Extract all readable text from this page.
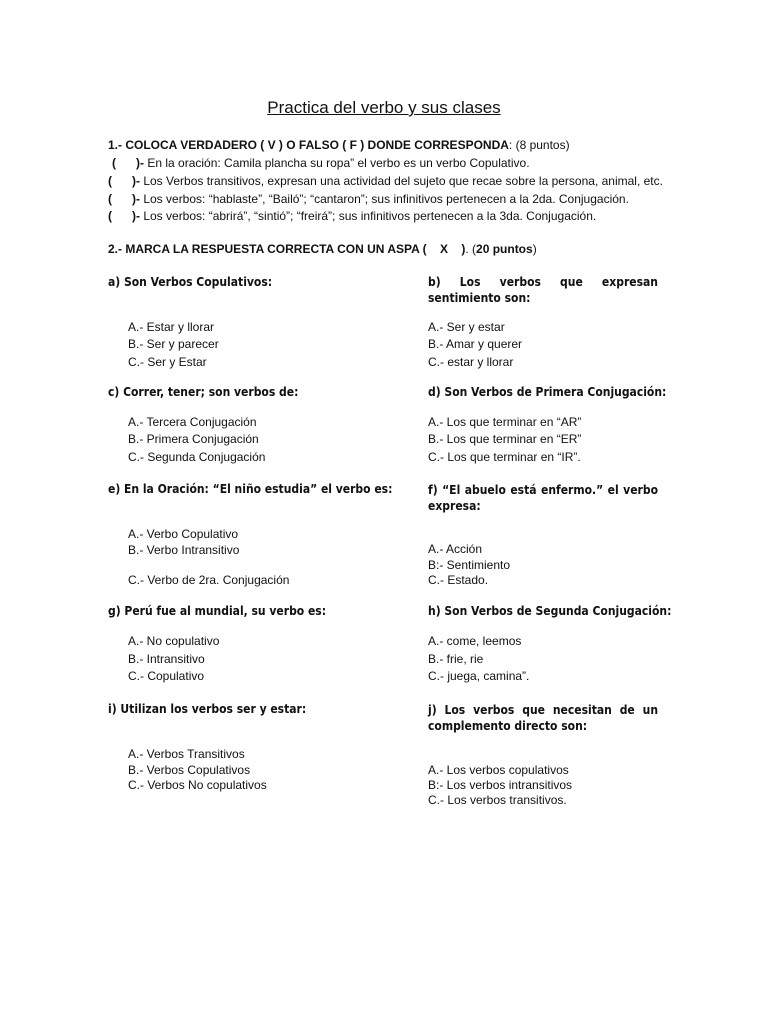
Practica del verbo y sus clases
1.- COLOCA VERDADERO ( V ) O FALSO ( F ) DONDE CORRESPONDA: (8 puntos)
(      )- En la oración: Camila plancha su ropa” el verbo es un verbo Copulativo.
(      )- Los Verbos transitivos, expresan una actividad del sujeto que recae sobre la persona, animal, etc.
(      )- Los verbos: “hablaste”, “Bailó”; “cantaron”; sus infinitivos pertenecen a la 2da. Conjugación.
(      )- Los verbos: “abrirá”, “sintió”; “freirá”; sus infinitivos pertenecen a la 3da. Conjugación.
2.- MARCA LA RESPUESTA CORRECTA CON UN ASPA (    X    ). (20 puntos)
a) Son Verbos Copulativos:
A.- Estar y llorar
B.- Ser y parecer
C.- Ser y Estar
b) Los verbos que expresan sentimiento son:
A.- Ser y estar
B.- Amar y querer
C.- estar y llorar
c) Correr, tener; son verbos de:
A.- Tercera Conjugación
B.- Primera Conjugación
C.- Segunda Conjugación
d) Son Verbos de Primera Conjugación:
A.- Los que terminar en “AR”
B.- Los que terminar en “ER”
C.- Los que terminar en “IR”.
e) En la Oración: “El niño estudia” el verbo es:
A.- Verbo Copulativo
B.- Verbo Intransitivo
C.- Verbo de 2ra. Conjugación
f) “El abuelo está enfermo.” el verbo expresa:
A.- Acción
B:- Sentimiento
C.- Estado.
g) Perú fue al mundial, su verbo es:
A.- No copulativo
B.- Intransitivo
C.- Copulativo
h) Son Verbos de Segunda Conjugación:
A.- come, leemos
B.- frie, rie
C.- juega, camina”.
i) Utilizan los verbos ser y estar:
A.- Verbos Transitivos
B.- Verbos Copulativos
C.- Verbos No copulativos
j) Los verbos que necesitan de un complemento directo son:
A.- Los verbos copulativos
B:- Los verbos intransitivos
C.- Los verbos transitivos.
